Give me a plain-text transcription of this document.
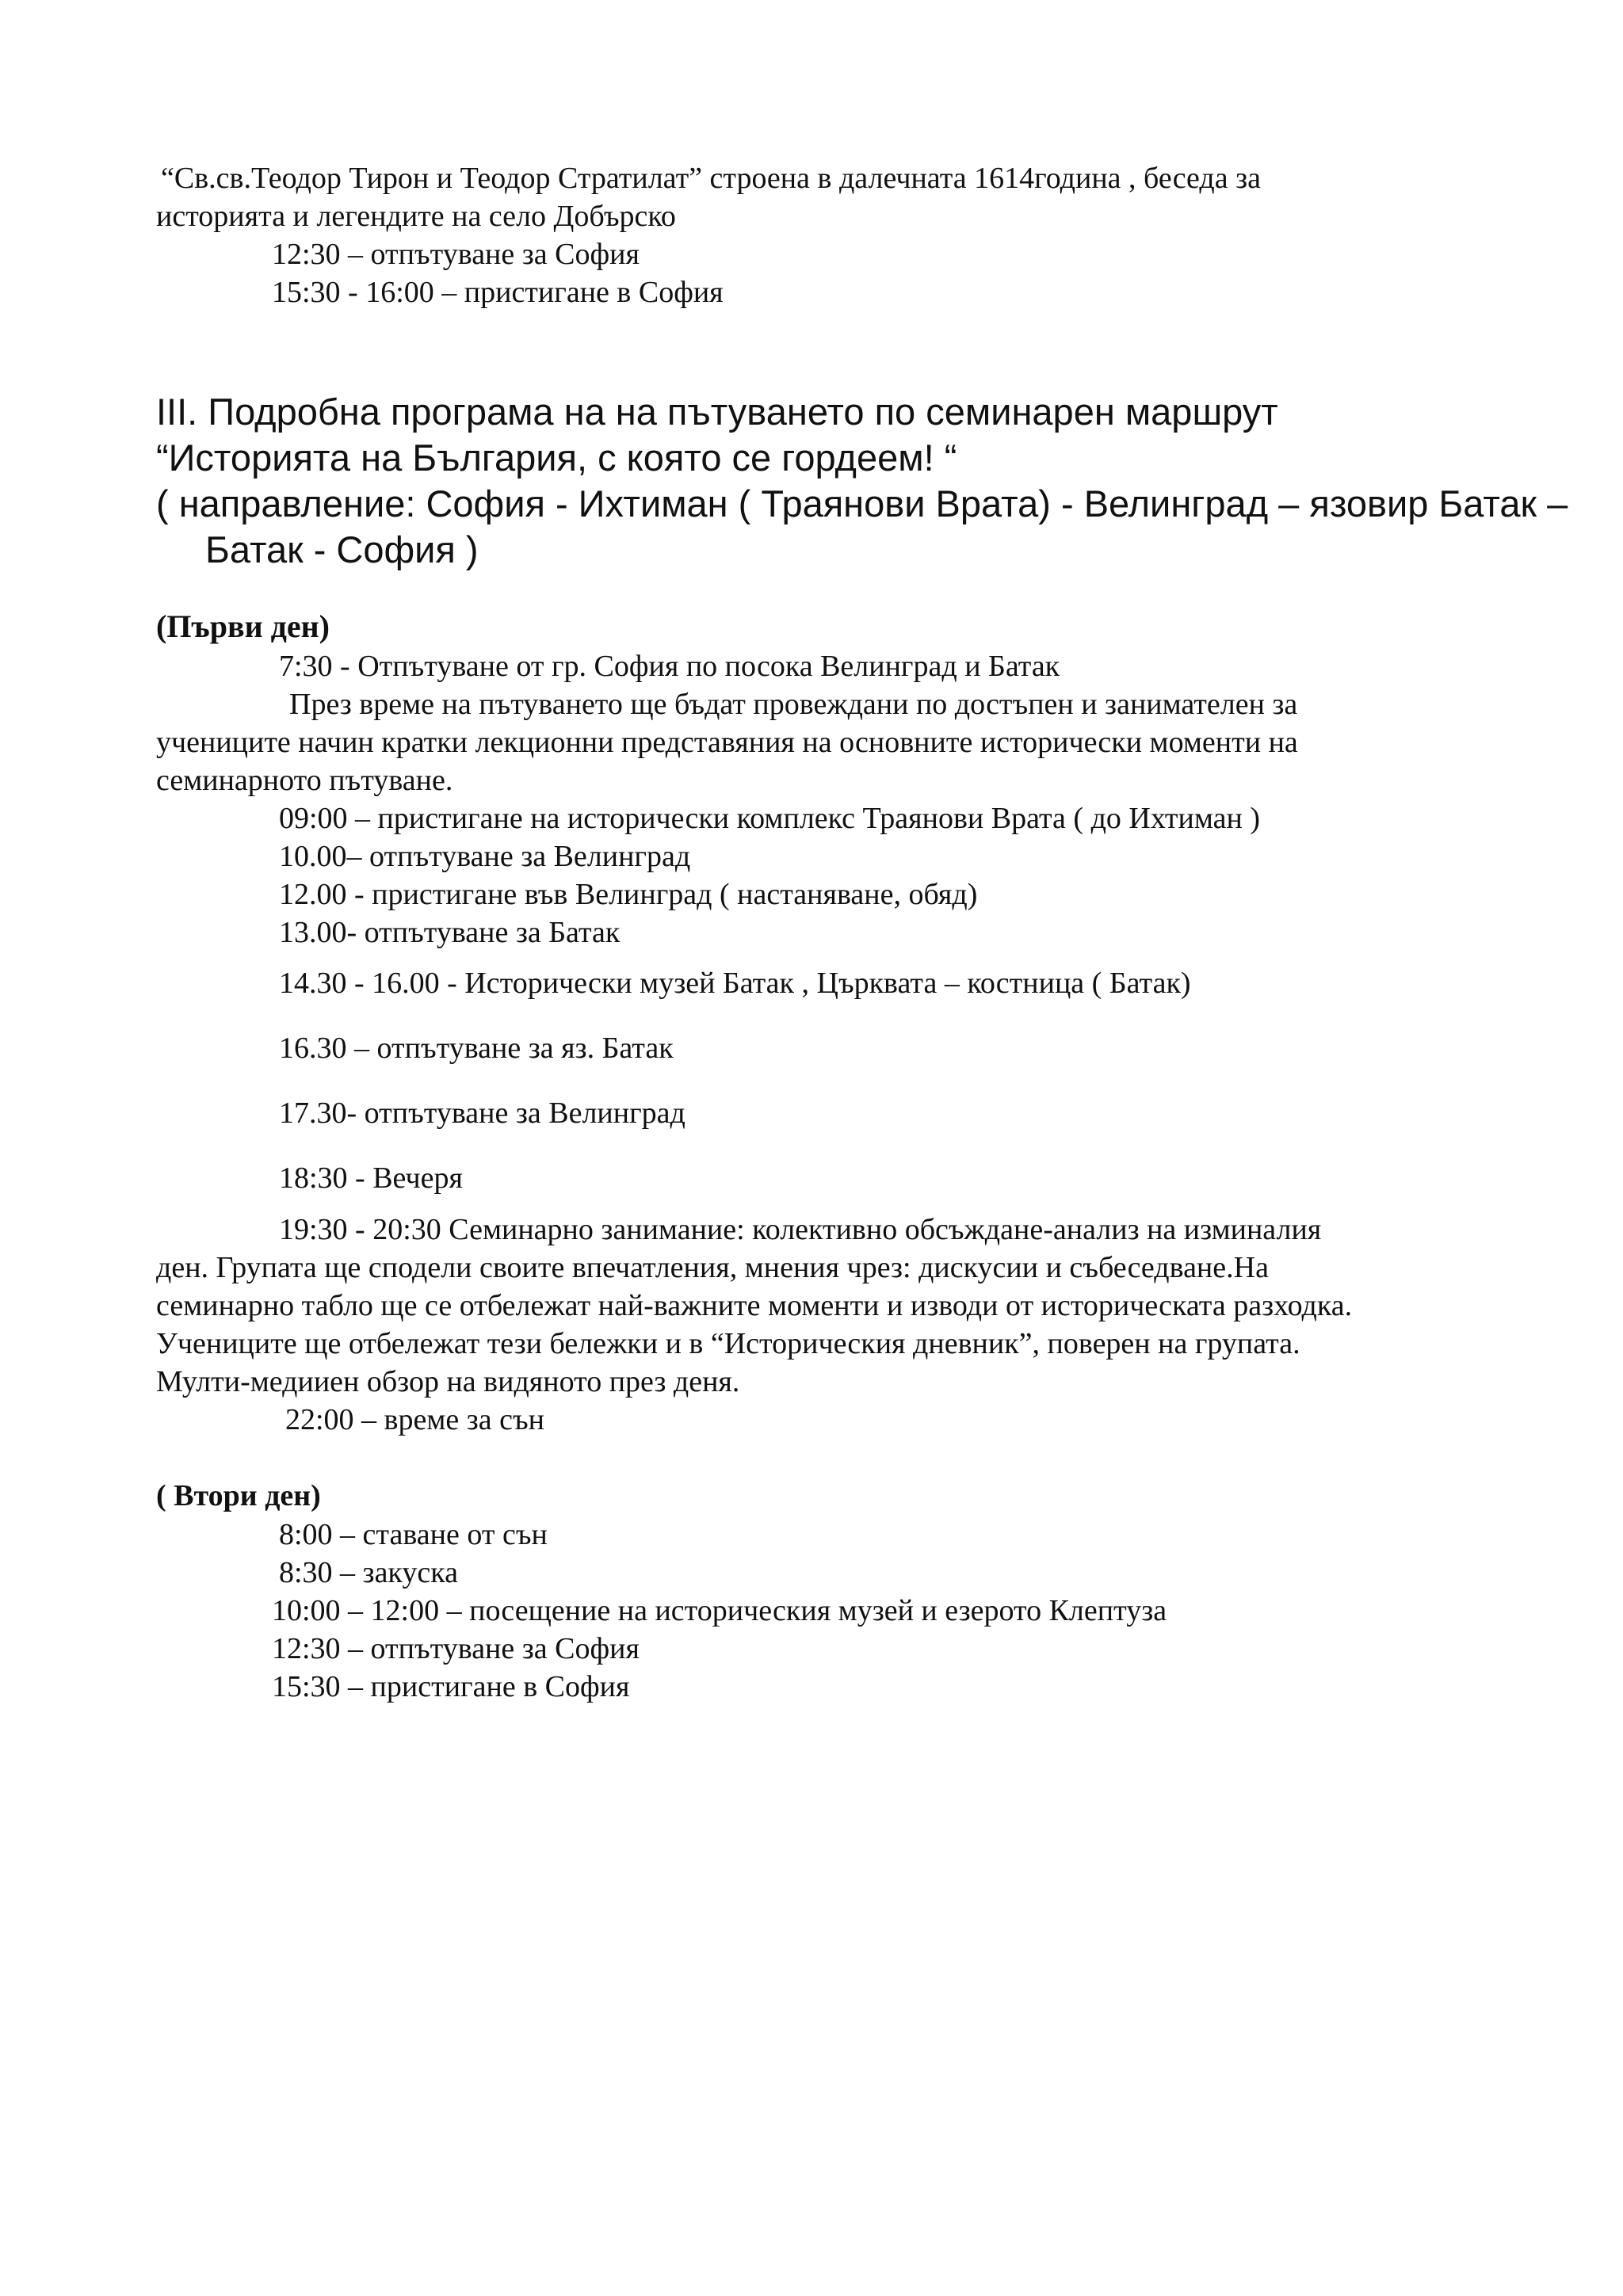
“Св.св.Теодор Тирон и Теодор Стратилат” строена в далечната 1614година , беседа за
историята и легендите на село Добърско
12:30 – отпътуване за София
15:30 - 16:00 – пристигане в София
III. Подробна програма на на пътуването по семинарен маршрут
“Историята на България, с която се гордеем! “
( направление: София - Ихтиман ( Траянови Врата) - Велинград – язовир Батак –
Батак - София )
(Първи ден)
7:30 - Отпътуване от гр. София по посока Велинград и Батак
През време на пътуването ще бъдат провеждани по достъпен и занимателен за
учениците начин кратки лекционни представяния на основните исторически моменти на
семинарното пътуване.
09:00 – пристигане на исторически комплекс Траянови Врата ( до Ихтиман )
10.00– отпътуване за Велинград
12.00 - пристигане във Велинград ( настаняване, обяд)
13.00- отпътуване за Батак
14.30 - 16.00 - Исторически музей Батак , Църквата – костница ( Батак)
16.30 – отпътуване за яз. Батак
17.30- отпътуване за Велинград
18:30 - Вечеря
19:30 - 20:30 Семинарно занимание: колективно обсъждане-анализ на изминалия
ден. Групата ще сподели своите впечатления, мнения чрез: дискусии и събеседване.На
семинарно табло ще се отбележат най-важните моменти и изводи от историческата разходка.
Учениците ще отбележат тези бележки и в “Историческия дневник”, поверен на групата.
Мулти-медииен обзор на видяното през деня.
22:00 – време за сън
( Втори ден)
8:00 – ставане от сън
8:30 – закуска
10:00 – 12:00 – посещение на историческия музей и езерото Клептуза
12:30 – отпътуване за София
15:30 – пристигане в София
